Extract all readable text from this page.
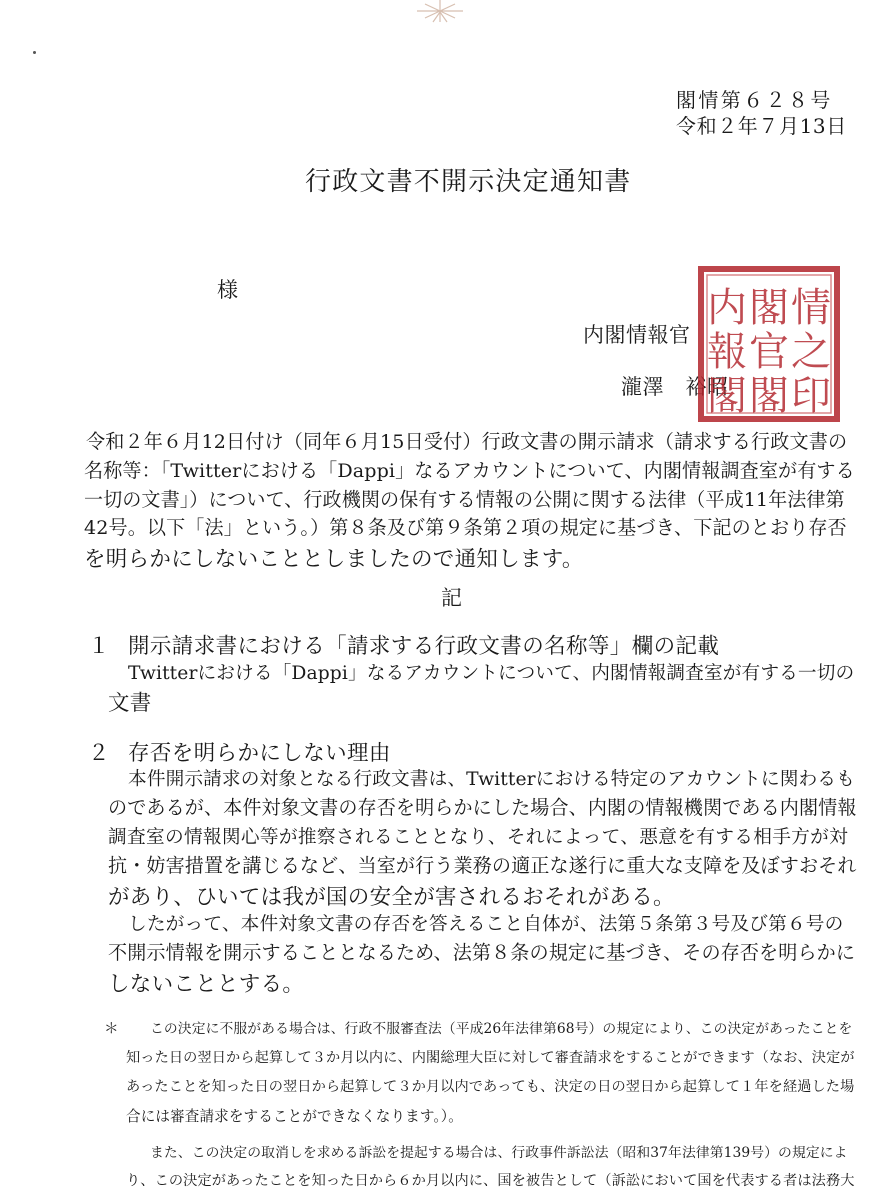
閣情第６２８号
令和２年７月13日
行政文書不開示決定通知書
様
内閣情報官
瀧澤　裕昭
内 閣 情
報 官 之
閣 閣 印
令和２年６月12日付け（同年６月15日受付）行政文書の開示請求（請求する行政文書の
名称等：「Twitterにおける「Dappi」なるアカウントについて、内閣情報調査室が有する
一切の文書」）について、行政機関の保有する情報の公開に関する法律（平成11年法律第
42号。以下「法」という。）第８条及び第９条第２項の規定に基づき、下記のとおり存否
を明らかにしないこととしましたので通知します。
記
１ 開示請求書における「請求する行政文書の名称等」欄の記載
Twitterにおける「Dappi」なるアカウントについて、内閣情報調査室が有する一切の
文書
２ 存否を明らかにしない理由
本件開示請求の対象となる行政文書は、Twitterにおける特定のアカウントに関わるも
のであるが、本件対象文書の存否を明らかにした場合、内閣の情報機関である内閣情報
調査室の情報関心等が推察されることとなり、それによって、悪意を有する相手方が対
抗・妨害措置を講じるなど、当室が行う業務の適正な遂行に重大な支障を及ぼすおそれ
があり、ひいては我が国の安全が害されるおそれがある。
したがって、本件対象文書の存否を答えること自体が、法第５条第３号及び第６号の
不開示情報を開示することとなるため、法第８条の規定に基づき、その存否を明らかに
しないこととする。
＊ この決定に不服がある場合は、行政不服審査法（平成26年法律第68号）の規定により、この決定があったことを
知った日の翌日から起算して３か月以内に、内閣総理大臣に対して審査請求をすることができます（なお、決定が
あったことを知った日の翌日から起算して３か月以内であっても、決定の日の翌日から起算して１年を経過した場
合には審査請求をすることができなくなります。）。
また、この決定の取消しを求める訴訟を提起する場合は、行政事件訴訟法（昭和37年法律第139号）の規定によ
り、この決定があったことを知った日から６か月以内に、国を被告として（訴訟において国を代表する者は法務大
